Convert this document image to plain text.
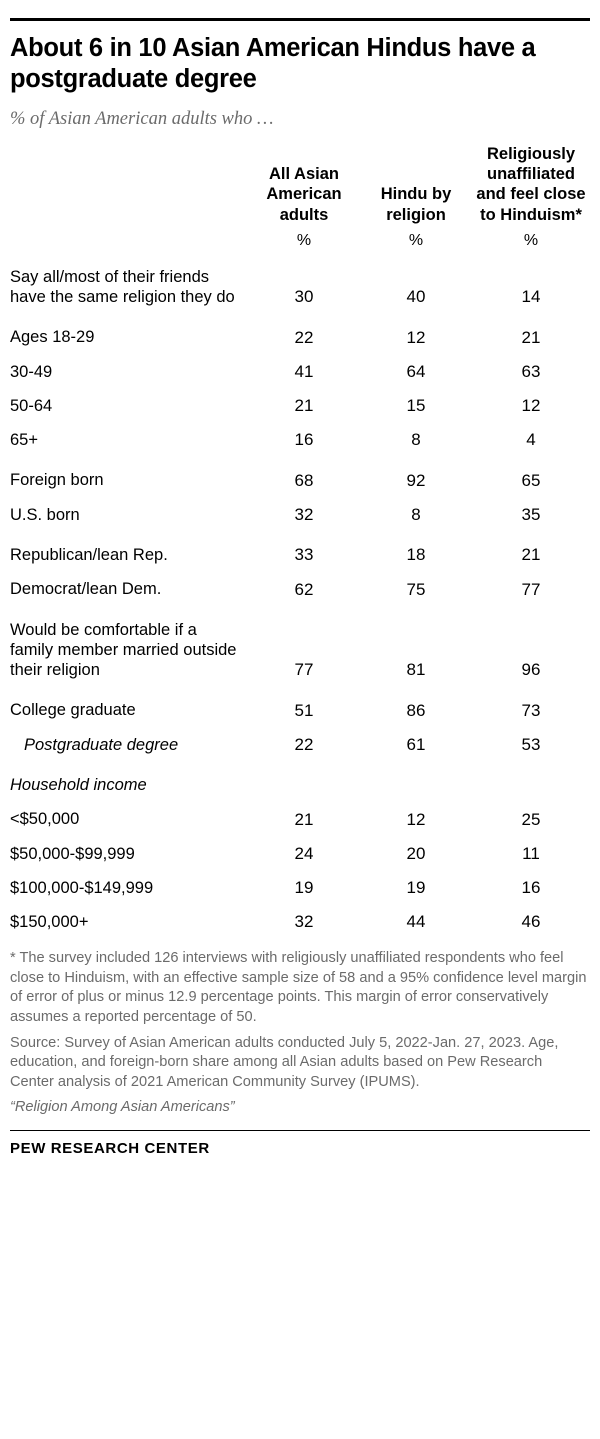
About 6 in 10 Asian American Hindus have a postgraduate degree
% of Asian American adults who …
	All Asian American adults	Hindu by religion	Religiously unaffiliated and feel close to Hinduism*
	%	%	%
Say all/most of their friends have the same religion they do	30	40	14
Ages 18-29	22	12	21
30-49	41	64	63
50-64	21	15	12
65+	16	8	4
Foreign born	68	92	65
U.S. born	32	8	35
Republican/lean Rep.	33	18	21
Democrat/lean Dem.	62	75	77
Would be comfortable if a family member married outside their religion	77	81	96
College graduate	51	86	73
Postgraduate degree	22	61	53
Household income			
<$50,000	21	12	25
$50,000-$99,999	24	20	11
$100,000-$149,999	19	19	16
$150,000+	32	44	46

* The survey included 126 interviews with religiously unaffiliated respondents who feel close to Hinduism, with an effective sample size of 58 and a 95% confidence level margin of error of plus or minus 12.9 percentage points. This margin of error conservatively assumes a reported percentage of 50.

Source: Survey of Asian American adults conducted July 5, 2022-Jan. 27, 2023. Age, education, and foreign-born share among all Asian adults based on Pew Research Center analysis of 2021 American Community Survey (IPUMS).

“Religion Among Asian Americans”

PEW RESEARCH CENTER
